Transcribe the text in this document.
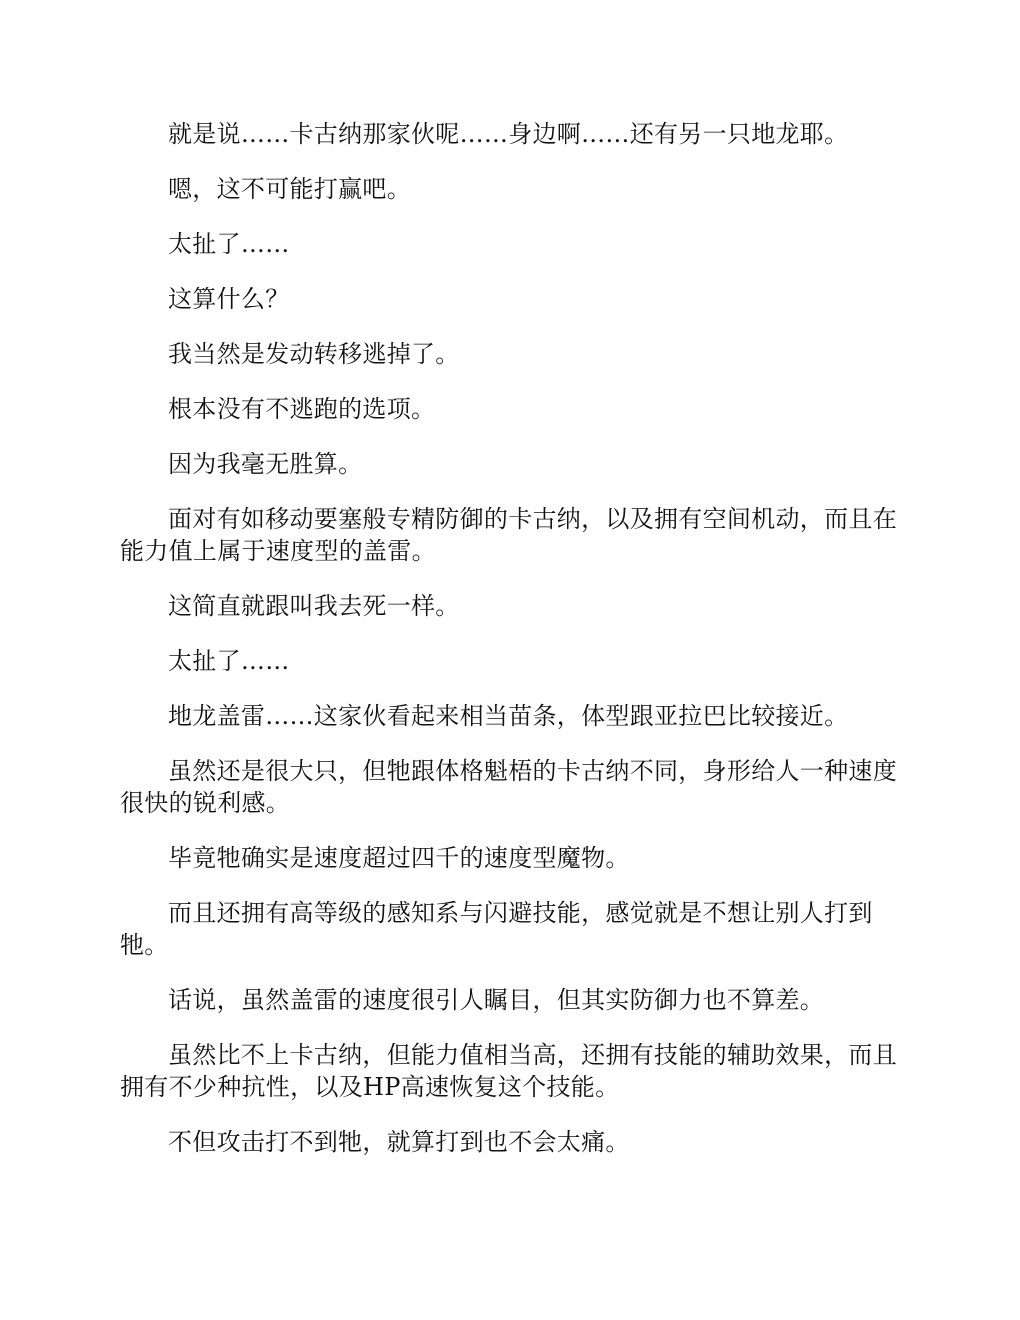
就是说……卡古纳那家伙呢……身边啊……还有另一只地龙耶。

嗯，这不可能打赢吧。

太扯了……

这算什么？

我当然是发动转移逃掉了。

根本没有不逃跑的选项。

因为我毫无胜算。

面对有如移动要塞般专精防御的卡古纳，以及拥有空间机动，而且在能力值上属于速度型的盖雷。

这简直就跟叫我去死一样。

太扯了……

地龙盖雷……这家伙看起来相当苗条，体型跟亚拉巴比较接近。

虽然还是很大只，但牠跟体格魁梧的卡古纳不同，身形给人一种速度很快的锐利感。

毕竟牠确实是速度超过四千的速度型魔物。

而且还拥有高等级的感知系与闪避技能，感觉就是不想让别人打到牠。

话说，虽然盖雷的速度很引人瞩目，但其实防御力也不算差。

虽然比不上卡古纳，但能力值相当高，还拥有技能的辅助效果，而且拥有不少种抗性，以及HP高速恢复这个技能。

不但攻击打不到牠，就算打到也不会太痛。
